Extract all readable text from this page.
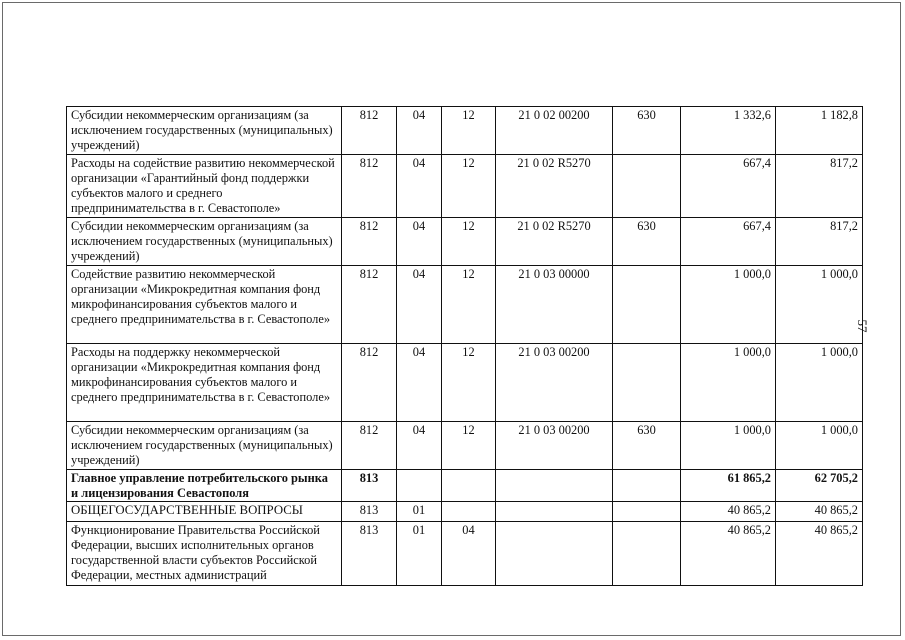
Субсидии некоммерческим организациям (за исключением государственных (муниципальных) учреждений)	812	04	12	21 0 02 00200	630	1 332,6	1 182,8
Расходы на содействие развитию некоммерческой организации «Гарантийный фонд поддержки субъектов малого и среднего предпринимательства в г. Севастополе»	812	04	12	21 0 02 R5270		667,4	817,2
Субсидии некоммерческим организациям (за исключением государственных (муниципальных) учреждений)	812	04	12	21 0 02 R5270	630	667,4	817,2
Содействие развитию некоммерческой организации «Микрокредитная компания фонд микрофинансирования субъектов малого и среднего предпринимательства в г. Севастополе»	812	04	12	21 0 03 00000		1 000,0	1 000,0
Расходы на поддержку некоммерческой организации «Микрокредитная компания фонд микрофинансирования субъектов малого и среднего предпринимательства в г. Севастополе»	812	04	12	21 0 03 00200		1 000,0	1 000,0
Субсидии некоммерческим организациям (за исключением государственных (муниципальных) учреждений)	812	04	12	21 0 03 00200	630	1 000,0	1 000,0
Главное управление потребительского рынка и лицензирования Севастополя	813					61 865,2	62 705,2
ОБЩЕГОСУДАРСТВЕННЫЕ ВОПРОСЫ	813	01				40 865,2	40 865,2
Функционирование Правительства Российской Федерации, высших исполнительных органов государственной власти субъектов Российской Федерации, местных администраций	813	01	04			40 865,2	40 865,2
57
